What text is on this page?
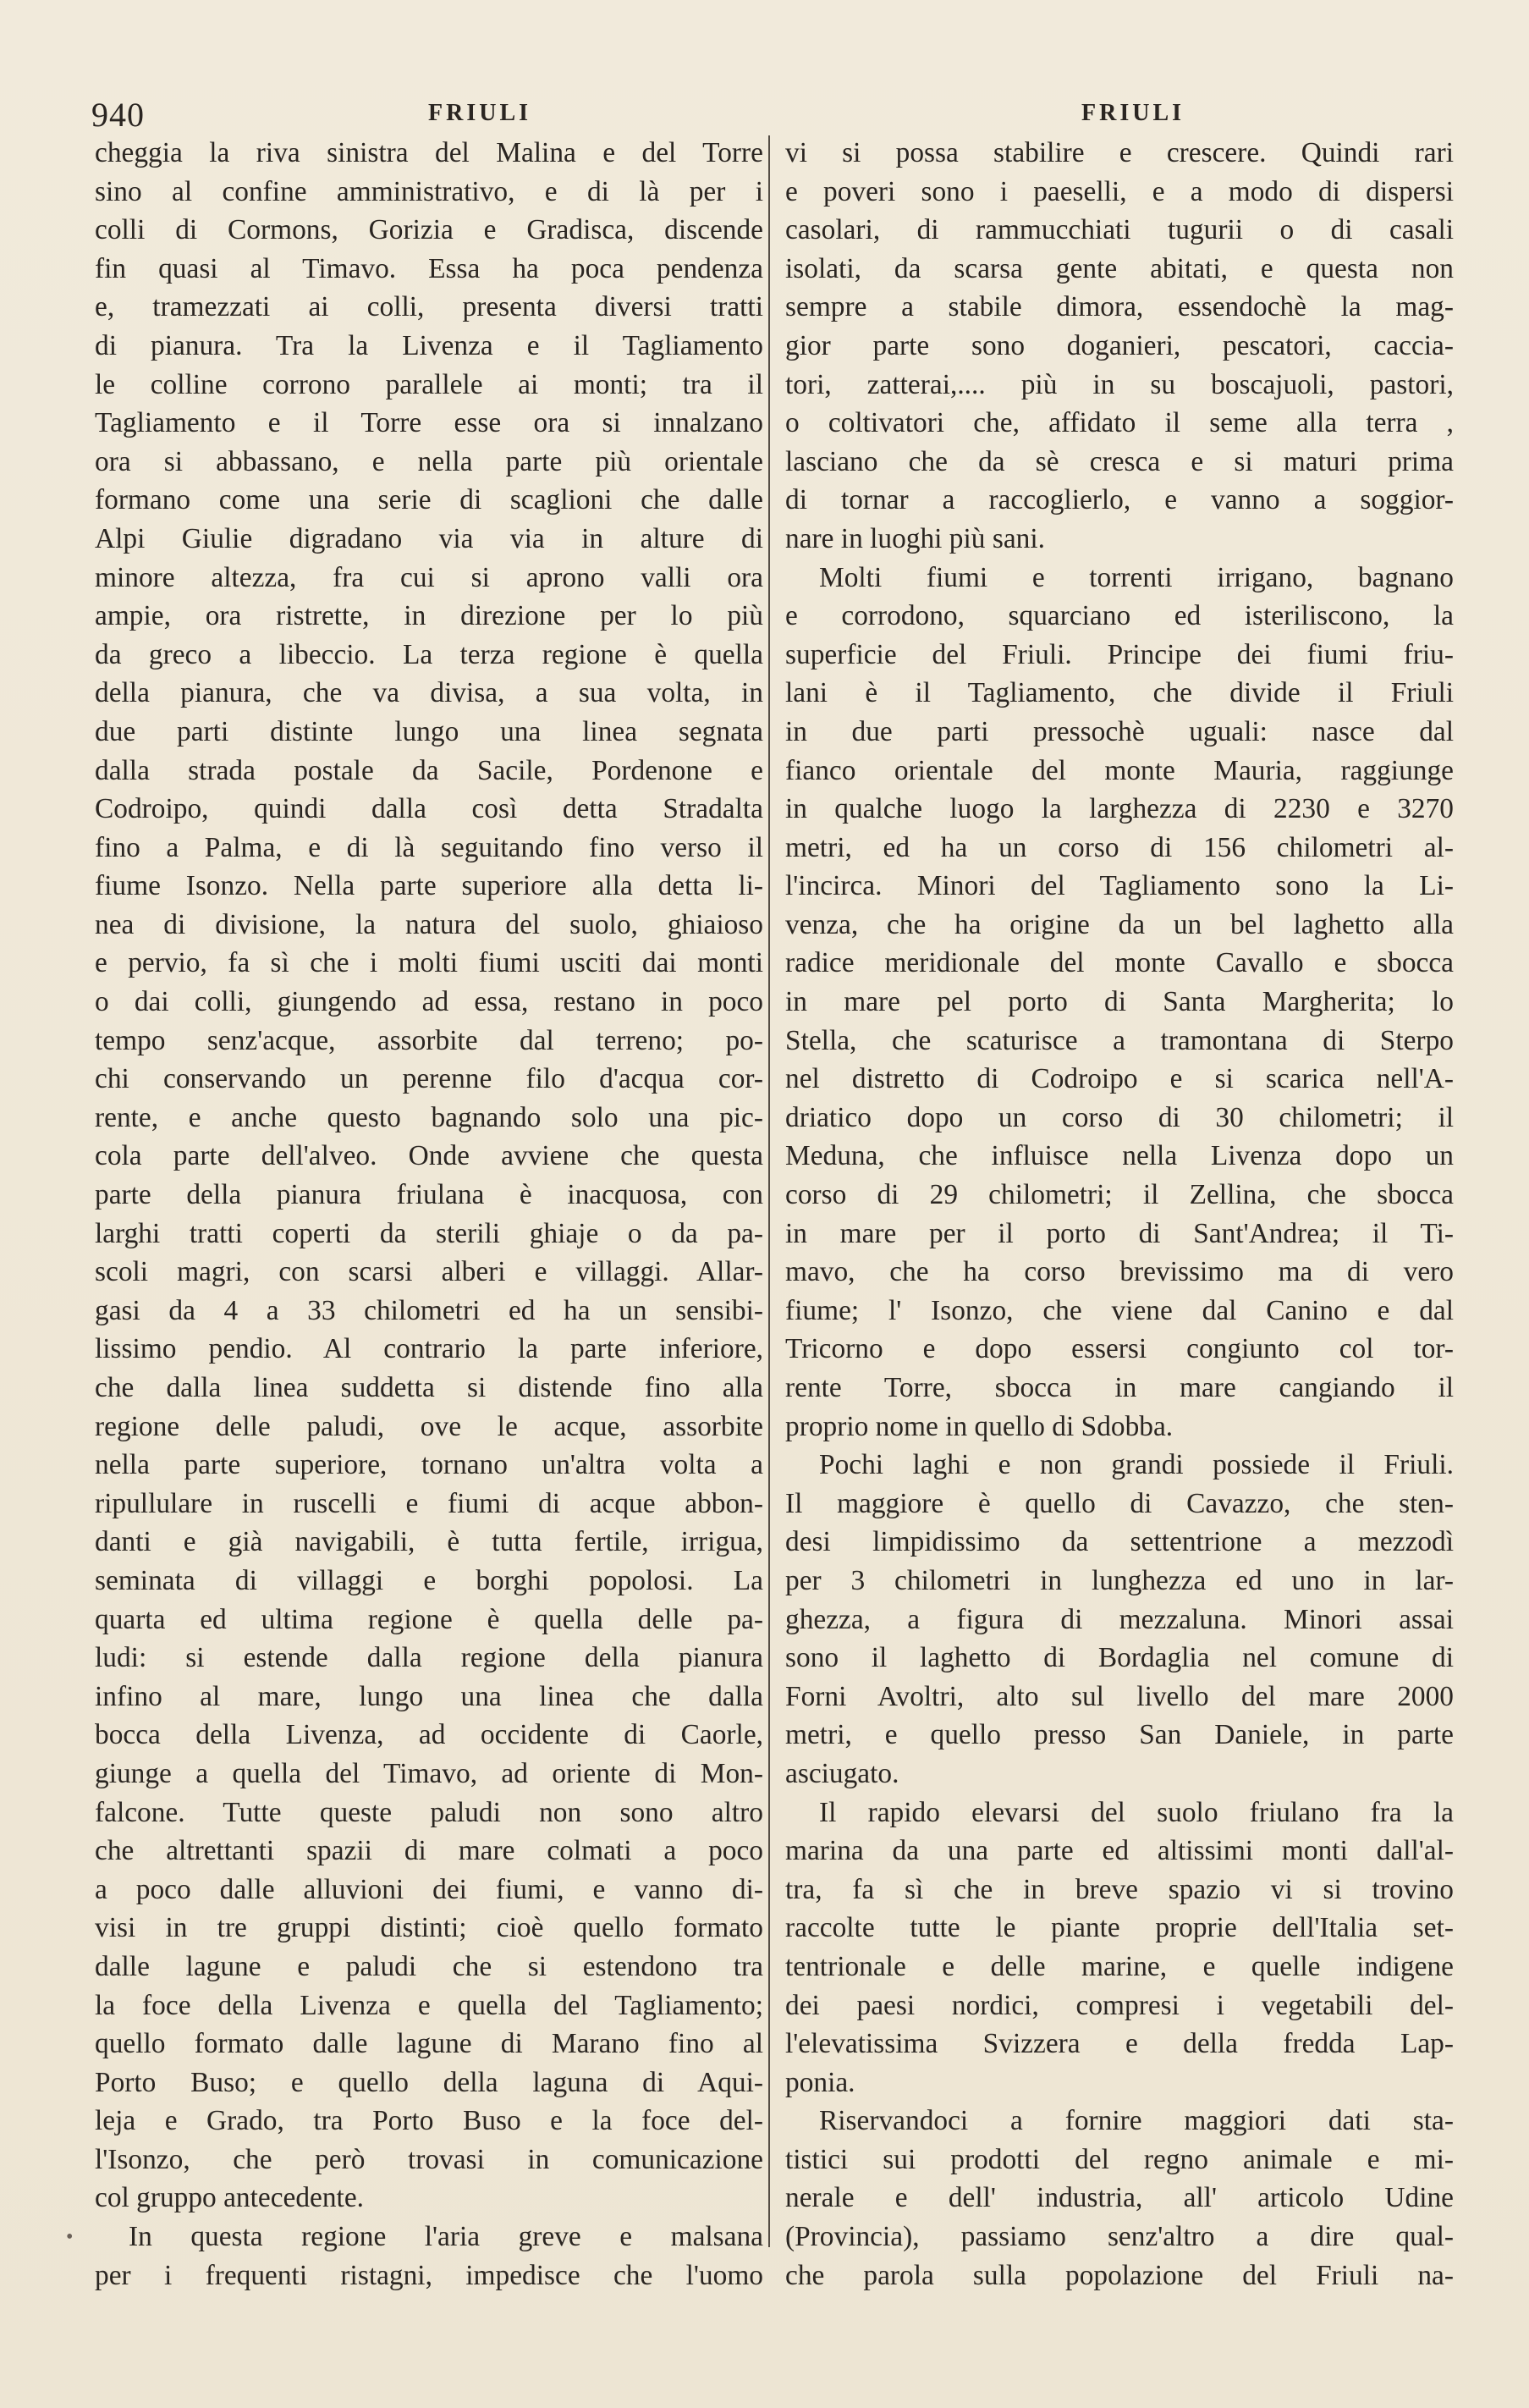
940	FRIULI	FRIULI
cheggia la riva sinistra del Malina e del Torre
sino al confine amministrativo, e di là per i
colli di Cormons, Gorizia e Gradisca, discende
fin quasi al Timavo. Essa ha poca pendenza
e, tramezzati ai colli, presenta diversi tratti
di pianura. Tra la Livenza e il Tagliamento
le colline corrono parallele ai monti; tra il
Tagliamento e il Torre esse ora si innalzano
ora si abbassano, e nella parte più orientale
formano come una serie di scaglioni che dalle
Alpi Giulie digradano via via in alture di
minore altezza, fra cui si aprono valli ora
ampie, ora ristrette, in direzione per lo più
da greco a libeccio. La terza regione è quella
della pianura, che va divisa, a sua volta, in
due parti distinte lungo una linea segnata
dalla strada postale da Sacile, Pordenone e
Codroipo, quindi dalla così detta Stradalta
fino a Palma, e di là seguitando fino verso il
fiume Isonzo. Nella parte superiore alla detta li-
nea di divisione, la natura del suolo, ghiaioso
e pervio, fa sì che i molti fiumi usciti dai monti
o dai colli, giungendo ad essa, restano in poco
tempo senz'acque, assorbite dal terreno; po-
chi conservando un perenne filo d'acqua cor-
rente, e anche questo bagnando solo una pic-
cola parte dell'alveo. Onde avviene che questa
parte della pianura friulana è inacquosa, con
larghi tratti coperti da sterili ghiaje o da pa-
scoli magri, con scarsi alberi e villaggi. Allar-
gasi da 4 a 33 chilometri ed ha un sensibi-
lissimo pendio. Al contrario la parte inferiore,
che dalla linea suddetta si distende fino alla
regione delle paludi, ove le acque, assorbite
nella parte superiore, tornano un'altra volta a
ripullulare in ruscelli e fiumi di acque abbon-
danti e già navigabili, è tutta fertile, irrigua,
seminata di villaggi e borghi popolosi. La
quarta ed ultima regione è quella delle pa-
ludi: si estende dalla regione della pianura
infino al mare, lungo una linea che dalla
bocca della Livenza, ad occidente di Caorle,
giunge a quella del Timavo, ad oriente di Mon-
falcone. Tutte queste paludi non sono altro
che altrettanti spazii di mare colmati a poco
a poco dalle alluvioni dei fiumi, e vanno di-
visi in tre gruppi distinti; cioè quello formato
dalle lagune e paludi che si estendono tra
la foce della Livenza e quella del Tagliamento;
quello formato dalle lagune di Marano fino al
Porto Buso; e quello della laguna di Aqui-
leja e Grado, tra Porto Buso e la foce del-
l'Isonzo, che però trovasi in comunicazione
col gruppo antecedente.
In questa regione l'aria greve e malsana
per i frequenti ristagni, impedisce che l'uomo
vi si possa stabilire e crescere. Quindi rari
e poveri sono i paeselli, e a modo di dispersi
casolari, di rammucchiati tugurii o di casali
isolati, da scarsa gente abitati, e questa non
sempre a stabile dimora, essendochè la mag-
gior parte sono doganieri, pescatori, caccia-
tori, zatterai,.... più in su boscajuoli, pastori,
o coltivatori che, affidato il seme alla terra ,
lasciano che da sè cresca e si maturi prima
di tornar a raccoglierlo, e vanno a soggior-
nare in luoghi più sani.
Molti fiumi e torrenti irrigano, bagnano
e corrodono, squarciano ed isteriliscono, la
superficie del Friuli. Principe dei fiumi friu-
lani è il Tagliamento, che divide il Friuli
in due parti pressochè uguali: nasce dal
fianco orientale del monte Mauria, raggiunge
in qualche luogo la larghezza di 2230 e 3270
metri, ed ha un corso di 156 chilometri al-
l'incirca. Minori del Tagliamento sono la Li-
venza, che ha origine da un bel laghetto alla
radice meridionale del monte Cavallo e sbocca
in mare pel porto di Santa Margherita; lo
Stella, che scaturisce a tramontana di Sterpo
nel distretto di Codroipo e si scarica nell'A-
driatico dopo un corso di 30 chilometri; il
Meduna, che influisce nella Livenza dopo un
corso di 29 chilometri; il Zellina, che sbocca
in mare per il porto di Sant'Andrea; il Ti-
mavo, che ha corso brevissimo ma di vero
fiume; l' Isonzo, che viene dal Canino e dal
Tricorno e dopo essersi congiunto col tor-
rente Torre, sbocca in mare cangiando il
proprio nome in quello di Sdobba.
Pochi laghi e non grandi possiede il Friuli.
Il maggiore è quello di Cavazzo, che sten-
desi limpidissimo da settentrione a mezzodì
per 3 chilometri in lunghezza ed uno in lar-
ghezza, a figura di mezzaluna. Minori assai
sono il laghetto di Bordaglia nel comune di
Forni Avoltri, alto sul livello del mare 2000
metri, e quello presso San Daniele, in parte
asciugato.
Il rapido elevarsi del suolo friulano fra la
marina da una parte ed altissimi monti dall'al-
tra, fa sì che in breve spazio vi si trovino
raccolte tutte le piante proprie dell'Italia set-
tentrionale e delle marine, e quelle indigene
dei paesi nordici, compresi i vegetabili del-
l'elevatissima Svizzera e della fredda Lap-
ponia.
Riservandoci a fornire maggiori dati sta-
tistici sui prodotti del regno animale e mi-
nerale e dell' industria, all' articolo Udine
(Provincia), passiamo senz'altro a dire qual-
che parola sulla popolazione del Friuli na-
•
